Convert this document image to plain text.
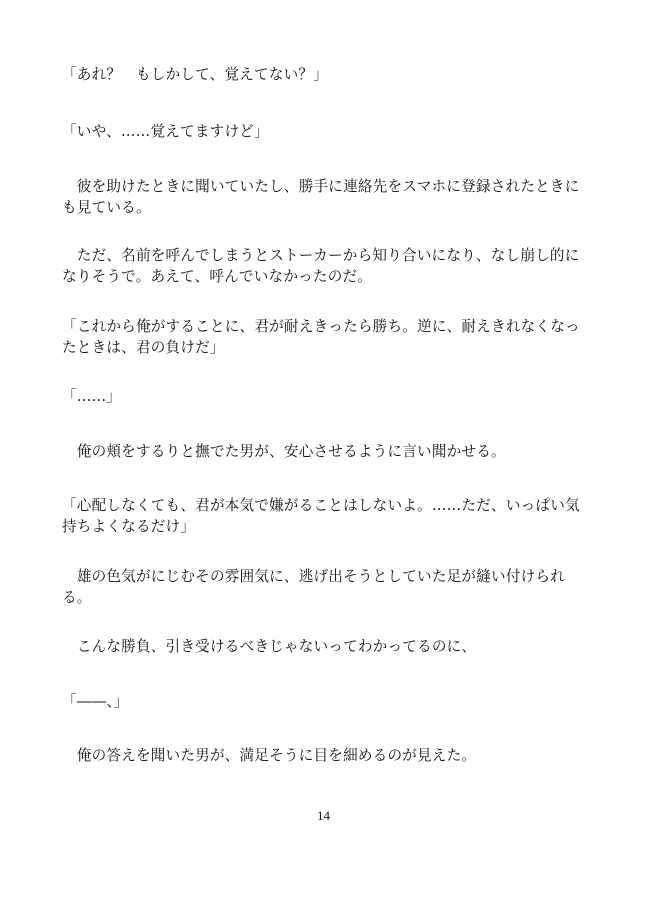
「あれ？　もしかして、覚えてない？」

「いや、……覚えてますけど」

　彼を助けたときに聞いていたし、勝手に連絡先をスマホに登録されたときにも見ている。

　ただ、名前を呼んでしまうとストーカーから知り合いになり、なし崩し的になりそうで。あえて、呼んでいなかったのだ。

「これから俺がすることに、君が耐えきったら勝ち。逆に、耐えきれなくなったときは、君の負けだ」

「……」

　俺の頬をするりと撫でた男が、安心させるように言い聞かせる。

「心配しなくても、君が本気で嫌がることはしないよ。……ただ、いっぱい気持ちよくなるだけ」

　雄の色気がにじむその雰囲気に、逃げ出そうとしていた足が縫い付けられる。

　こんな勝負、引き受けるべきじゃないってわかってるのに、

「――、」

　俺の答えを聞いた男が、満足そうに目を細めるのが見えた。

14
